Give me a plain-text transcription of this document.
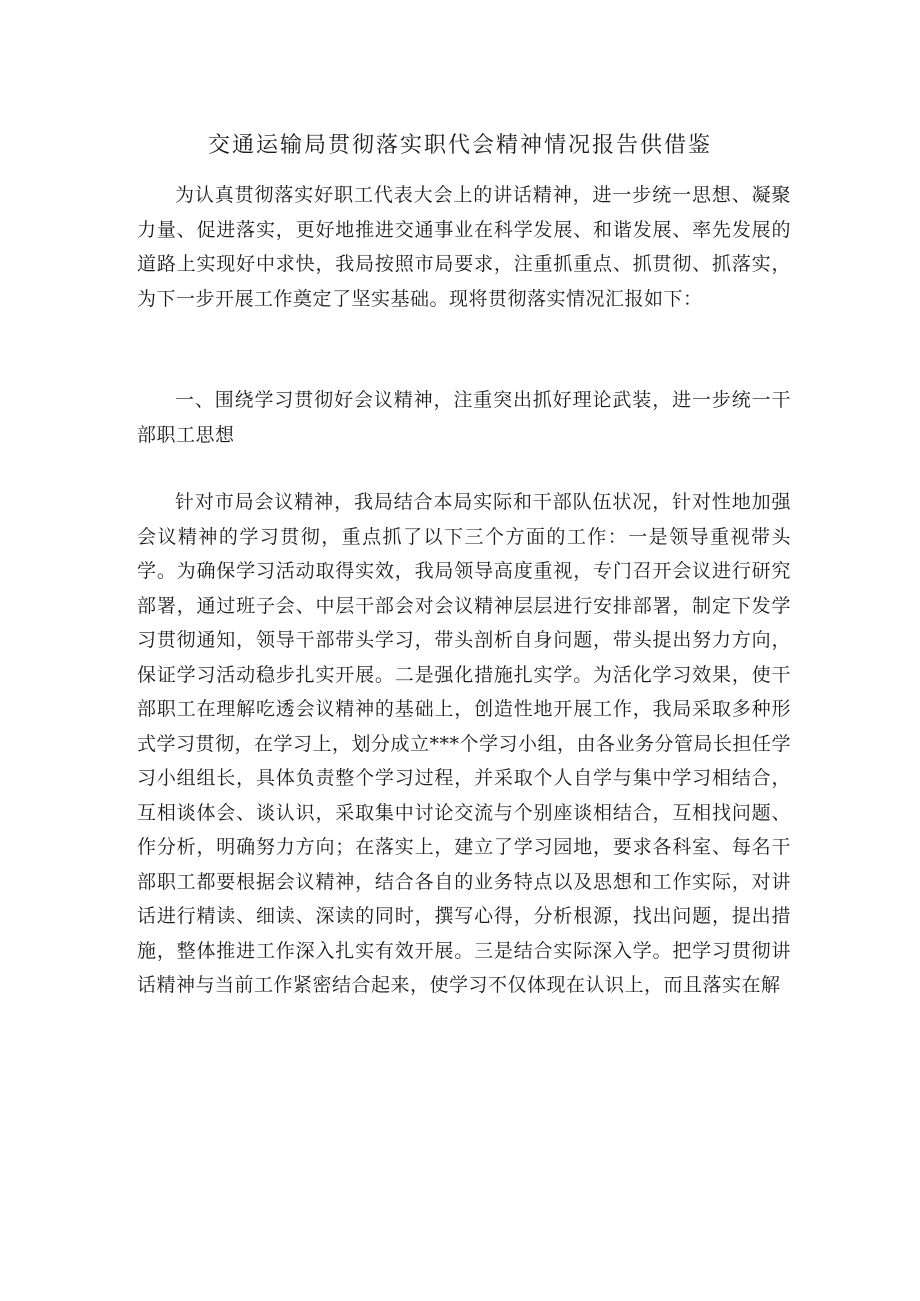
交通运输局贯彻落实职代会精神情况报告供借鉴

为认真贯彻落实好职工代表大会上的讲话精神，进一步统一思想、凝聚力量、促进落实，更好地推进交通事业在科学发展、和谐发展、率先发展的道路上实现好中求快，我局按照市局要求，注重抓重点、抓贯彻、抓落实，为下一步开展工作奠定了坚实基础。现将贯彻落实情况汇报如下：

一、围绕学习贯彻好会议精神，注重突出抓好理论武装，进一步统一干部职工思想

针对市局会议精神，我局结合本局实际和干部队伍状况，针对性地加强会议精神的学习贯彻，重点抓了以下三个方面的工作：一是领导重视带头学。为确保学习活动取得实效，我局领导高度重视，专门召开会议进行研究部署，通过班子会、中层干部会对会议精神层层进行安排部署，制定下发学习贯彻通知，领导干部带头学习，带头剖析自身问题，带头提出努力方向，保证学习活动稳步扎实开展。二是强化措施扎实学。为活化学习效果，使干部职工在理解吃透会议精神的基础上，创造性地开展工作，我局采取多种形式学习贯彻，在学习上，划分成立***个学习小组，由各业务分管局长担任学习小组组长，具体负责整个学习过程，并采取个人自学与集中学习相结合，互相谈体会、谈认识，采取集中讨论交流与个别座谈相结合，互相找问题、作分析，明确努力方向；在落实上，建立了学习园地，要求各科室、每名干部职工都要根据会议精神，结合各自的业务特点以及思想和工作实际，对讲话进行精读、细读、深读的同时，撰写心得，分析根源，找出问题，提出措施，整体推进工作深入扎实有效开展。三是结合实际深入学。把学习贯彻讲话精神与当前工作紧密结合起来，使学习不仅体现在认识上，而且落实在解
